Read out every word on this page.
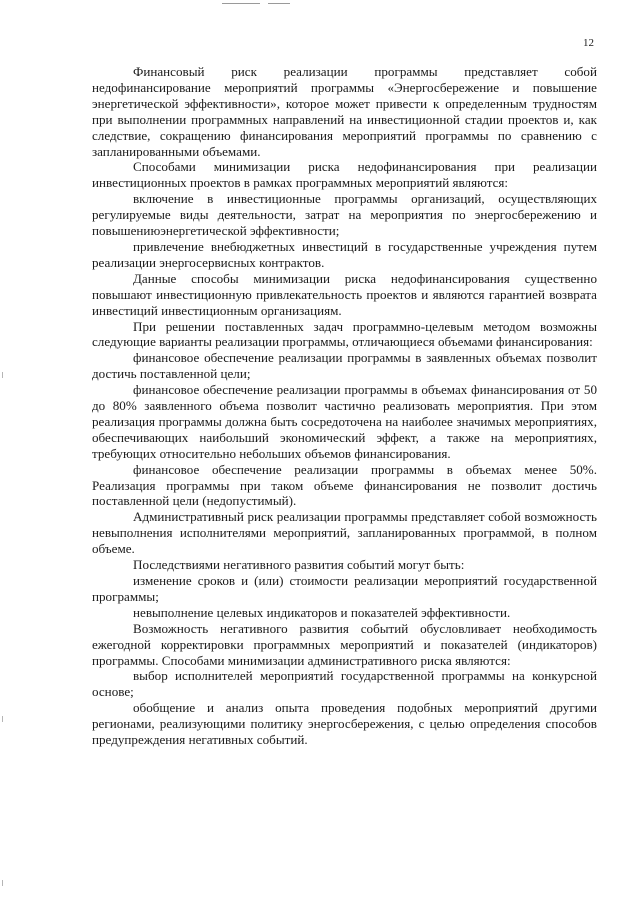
12

Финансовый риск реализации программы представляет собой недофинансирование мероприятий программы «Энергосбережение и повышение энергетической эффективности», которое может привести к определенным трудностям при выполнении программных направлений на инвестиционной стадии проектов и, как следствие, сокращению финансирования мероприятий программы по сравнению с запланированными объемами.

Способами минимизации риска недофинансирования при реализации инвестиционных проектов в рамках программных мероприятий являются:

включение в инвестиционные программы организаций, осуществляющих регулируемые виды деятельности, затрат на мероприятия по энергосбережению и повышениюэнергетической эффективности;

привлечение внебюджетных инвестиций в государственные учреждения путем реализации энергосервисных контрактов.

Данные способы минимизации риска недофинансирования существенно повышают инвестиционную привлекательность проектов и являются гарантией возврата инвестиций инвестиционным организациям.

При решении поставленных задач программно-целевым методом возможны следующие варианты реализации программы, отличающиеся объемами финансирования:

финансовое обеспечение реализации программы в заявленных объемах позволит достичь поставленной цели;

финансовое обеспечение реализации программы в объемах финансирования от 50 до 80% заявленного объема позволит частично реализовать мероприятия. При этом реализация программы должна быть сосредоточена на наиболее значимых мероприятиях, обеспечивающих наибольший экономический эффект, а также на мероприятиях, требующих относительно небольших объемов финансирования.

финансовое обеспечение реализации программы в объемах менее 50%. Реализация программы при таком объеме финансирования не позволит достичь поставленной цели (недопустимый).

Административный риск реализации программы представляет собой возможность невыполнения исполнителями мероприятий, запланированных программой, в полном объеме.

Последствиями негативного развития событий могут быть:

изменение сроков и (или) стоимости реализации мероприятий государственной программы;

невыполнение целевых индикаторов и показателей эффективности.

Возможность негативного развития событий обусловливает необходимость ежегодной корректировки программных мероприятий и показателей (индикаторов) программы. Способами минимизации административного риска являются:

выбор исполнителей мероприятий государственной программы на конкурсной основе;

обобщение и анализ опыта проведения подобных мероприятий другими регионами, реализующими политику энергосбережения, с целью определения способов предупреждения негативных событий.
